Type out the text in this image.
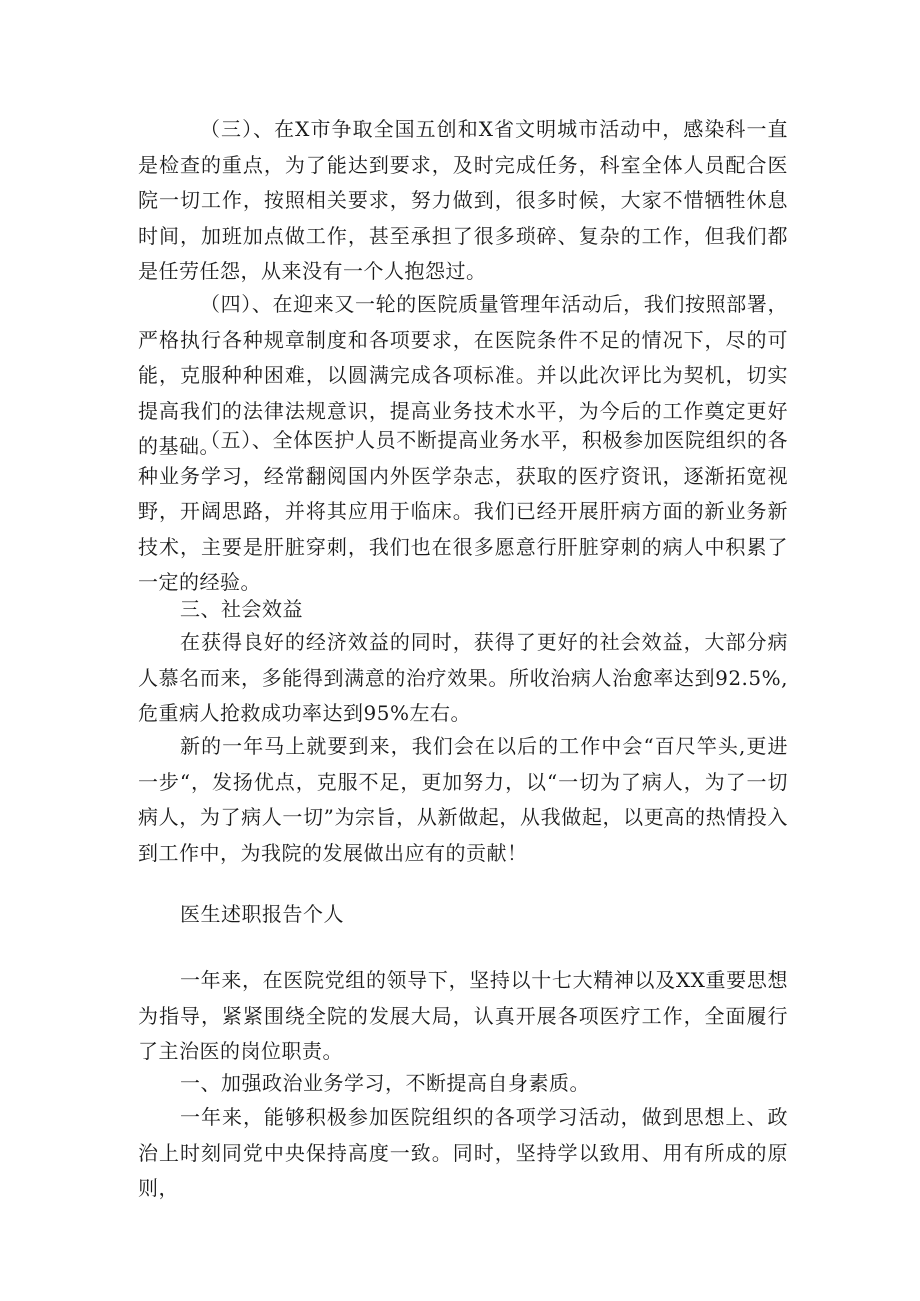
（三）、在X市争取全国五创和X省文明城市活动中，感染科一直是检查的重点，为了能达到要求，及时完成任务，科室全体人员配合医院一切工作，按照相关要求，努力做到，很多时候，大家不惜牺牲休息时间，加班加点做工作，甚至承担了很多琐碎、复杂的工作，但我们都是任劳任怨，从来没有一个人抱怨过。

（四）、在迎来又一轮的医院质量管理年活动后，我们按照部署，严格执行各种规章制度和各项要求，在医院条件不足的情况下，尽的可能，克服种种困难，以圆满完成各项标准。并以此次评比为契机，切实提高我们的法律法规意识，提高业务技术水平，为今后的工作奠定更好的基础。

（五）、全体医护人员不断提高业务水平，积极参加医院组织的各种业务学习，经常翻阅国内外医学杂志，获取的医疗资讯，逐渐拓宽视野，开阔思路，并将其应用于临床。我们已经开展肝病方面的新业务新技术，主要是肝脏穿刺，我们也在很多愿意行肝脏穿刺的病人中积累了一定的经验。

三、社会效益

在获得良好的经济效益的同时，获得了更好的社会效益，大部分病人慕名而来，多能得到满意的治疗效果。所收治病人治愈率达到92.5%,危重病人抢救成功率达到95%左右。

新的一年马上就要到来，我们会在以后的工作中会“百尺竿头,更进一步“，发扬优点，克服不足，更加努力，以“一切为了病人，为了一切病人，为了病人一切”为宗旨，从新做起，从我做起，以更高的热情投入到工作中，为我院的发展做出应有的贡献！

医生述职报告个人

一年来，在医院党组的领导下，坚持以十七大精神以及XX重要思想为指导，紧紧围绕全院的发展大局，认真开展各项医疗工作，全面履行了主治医的岗位职责。

一、加强政治业务学习，不断提高自身素质。

一年来，能够积极参加医院组织的各项学习活动，做到思想上、政治上时刻同党中央保持高度一致。同时，坚持学以致用、用有所成的原则，
